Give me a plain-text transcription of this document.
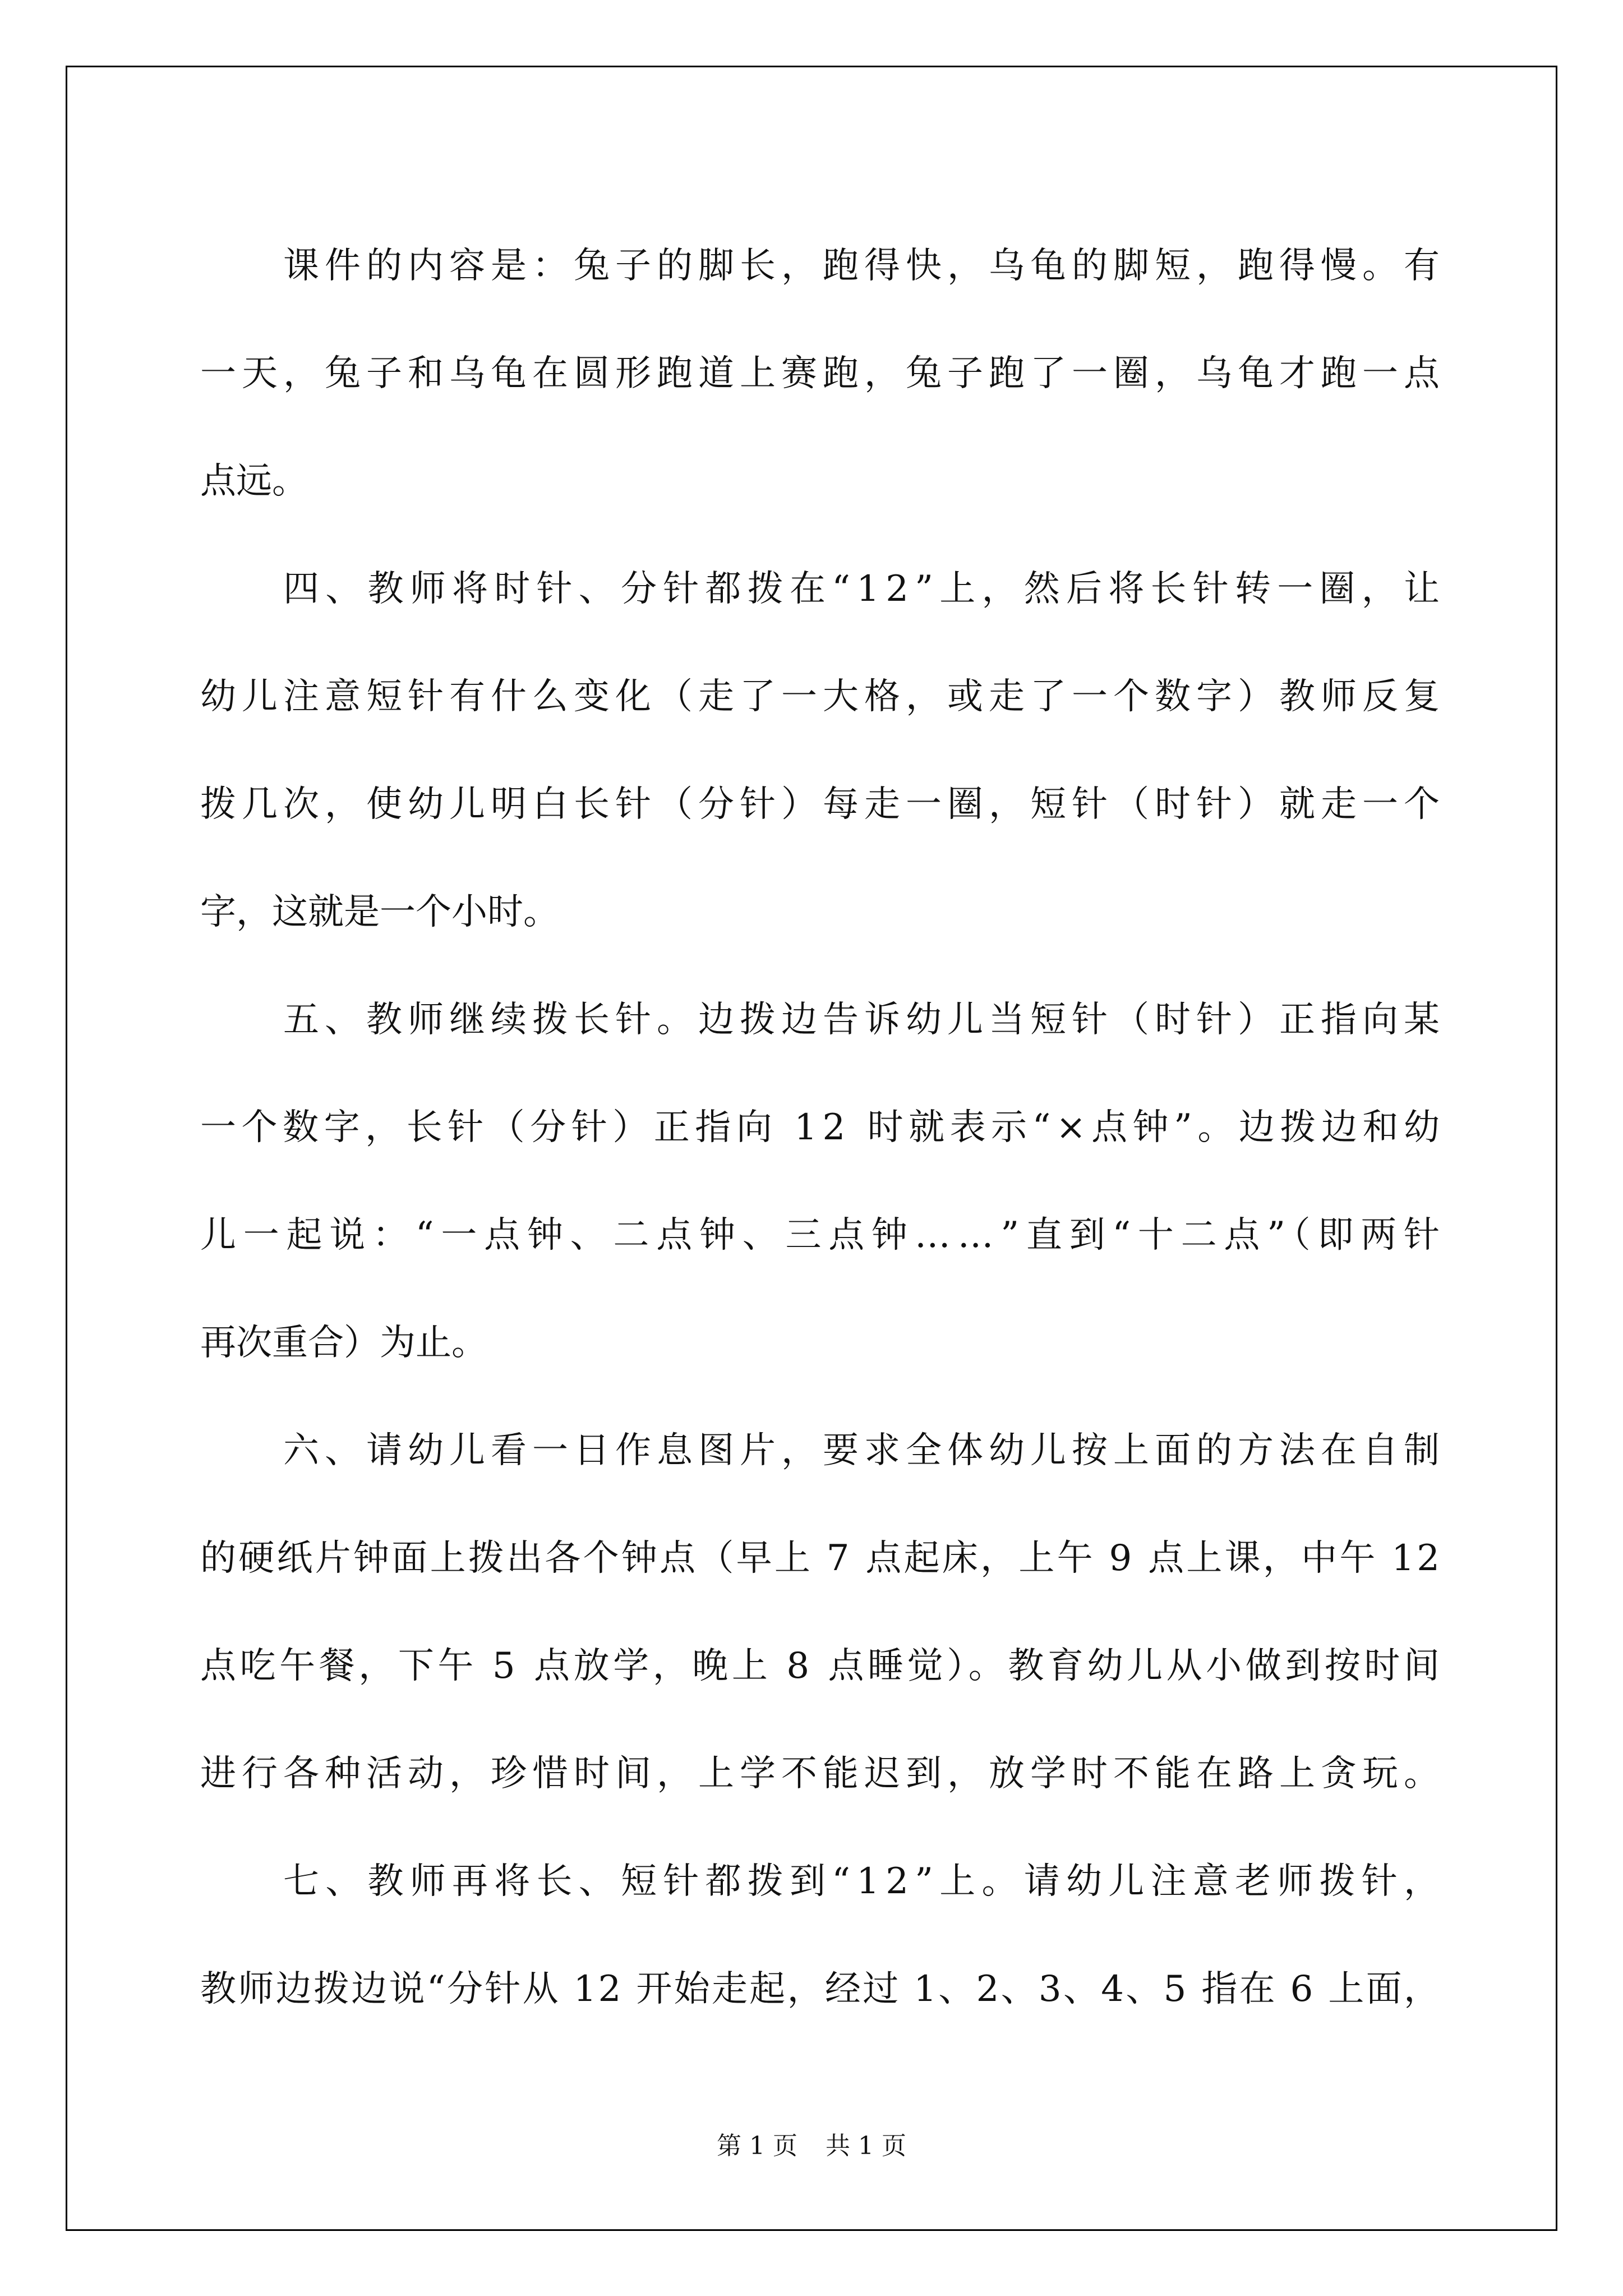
课件的内容是：兔子的脚长，跑得快，乌龟的脚短，跑得慢。有
一天，兔子和乌龟在圆形跑道上赛跑，兔子跑了一圈，乌龟才跑一点
点远。
四、教师将时针、分针都拨在“12”上，然后将长针转一圈，让
幼儿注意短针有什么变化（走了一大格，或走了一个数字）教师反复
拨几次，使幼儿明白长针（分针）每走一圈，短针（时针）就走一个
字，这就是一个小时。
五、教师继续拨长针。边拨边告诉幼儿当短针（时针）正指向某
一个数字，长针（分针）正指向 12 时就表示“×点钟”。边拨边和幼
儿一起说：“一点钟、二点钟、三点钟……”直到“十二点”（即两针
再次重合）为止。
六、请幼儿看一日作息图片，要求全体幼儿按上面的方法在自制
的硬纸片钟面上拨出各个钟点（早上 7 点起床，上午 9 点上课，中午 12
点吃午餐，下午 5 点放学，晚上 8 点睡觉）。教育幼儿从小做到按时间
进行各种活动，珍惜时间，上学不能迟到，放学时不能在路上贪玩。
七、教师再将长、短针都拨到“12”上。请幼儿注意老师拨针，
教师边拨边说“分针从 12 开始走起，经过 1、2、3、4、5 指在 6 上面，
第 1 页 共 1 页
